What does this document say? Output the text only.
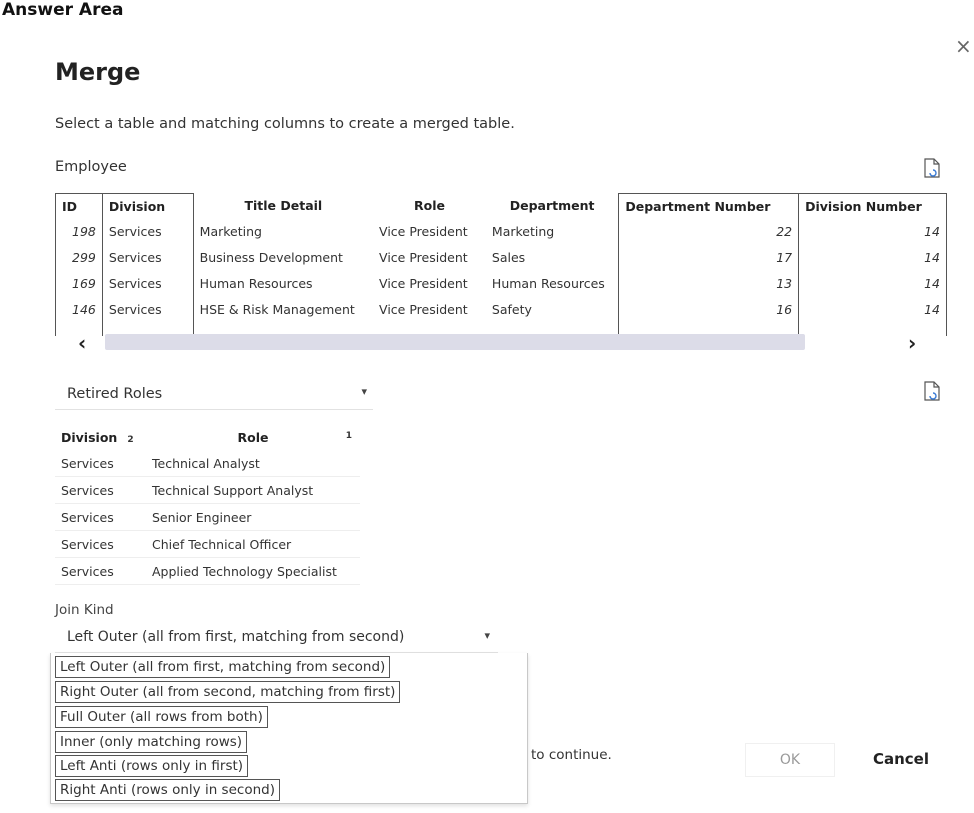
Answer Area
×
Merge
Select a table and matching columns to create a merged table.
Employee
ID	Division	Title Detail	Role	Department	Department Number	Division Number
198	Services	Marketing	Vice President	Marketing	22	14
299	Services	Business Development	Vice President	Sales	17	14
169	Services	Human Resources	Vice President	Human Resources	13	14
146	Services	HSE & Risk Management	Vice President	Safety	16	14

‹	›
Retired Roles	▾
Division 2	Role 1

Services	Technical Analyst
Services	Technical Support Analyst
Services	Senior Engineer
Services	Chief Technical Officer
Services	Applied Technology Specialist
Join Kind
Left Outer (all from first, matching from second)	▾
Left Outer (all from first, matching from second)
Right Outer (all from second, matching from first)
Full Outer (all rows from both)
Inner (only matching rows)
Left Anti (rows only in first)
Right Anti (rows only in second)
to continue.	OK	Cancel
